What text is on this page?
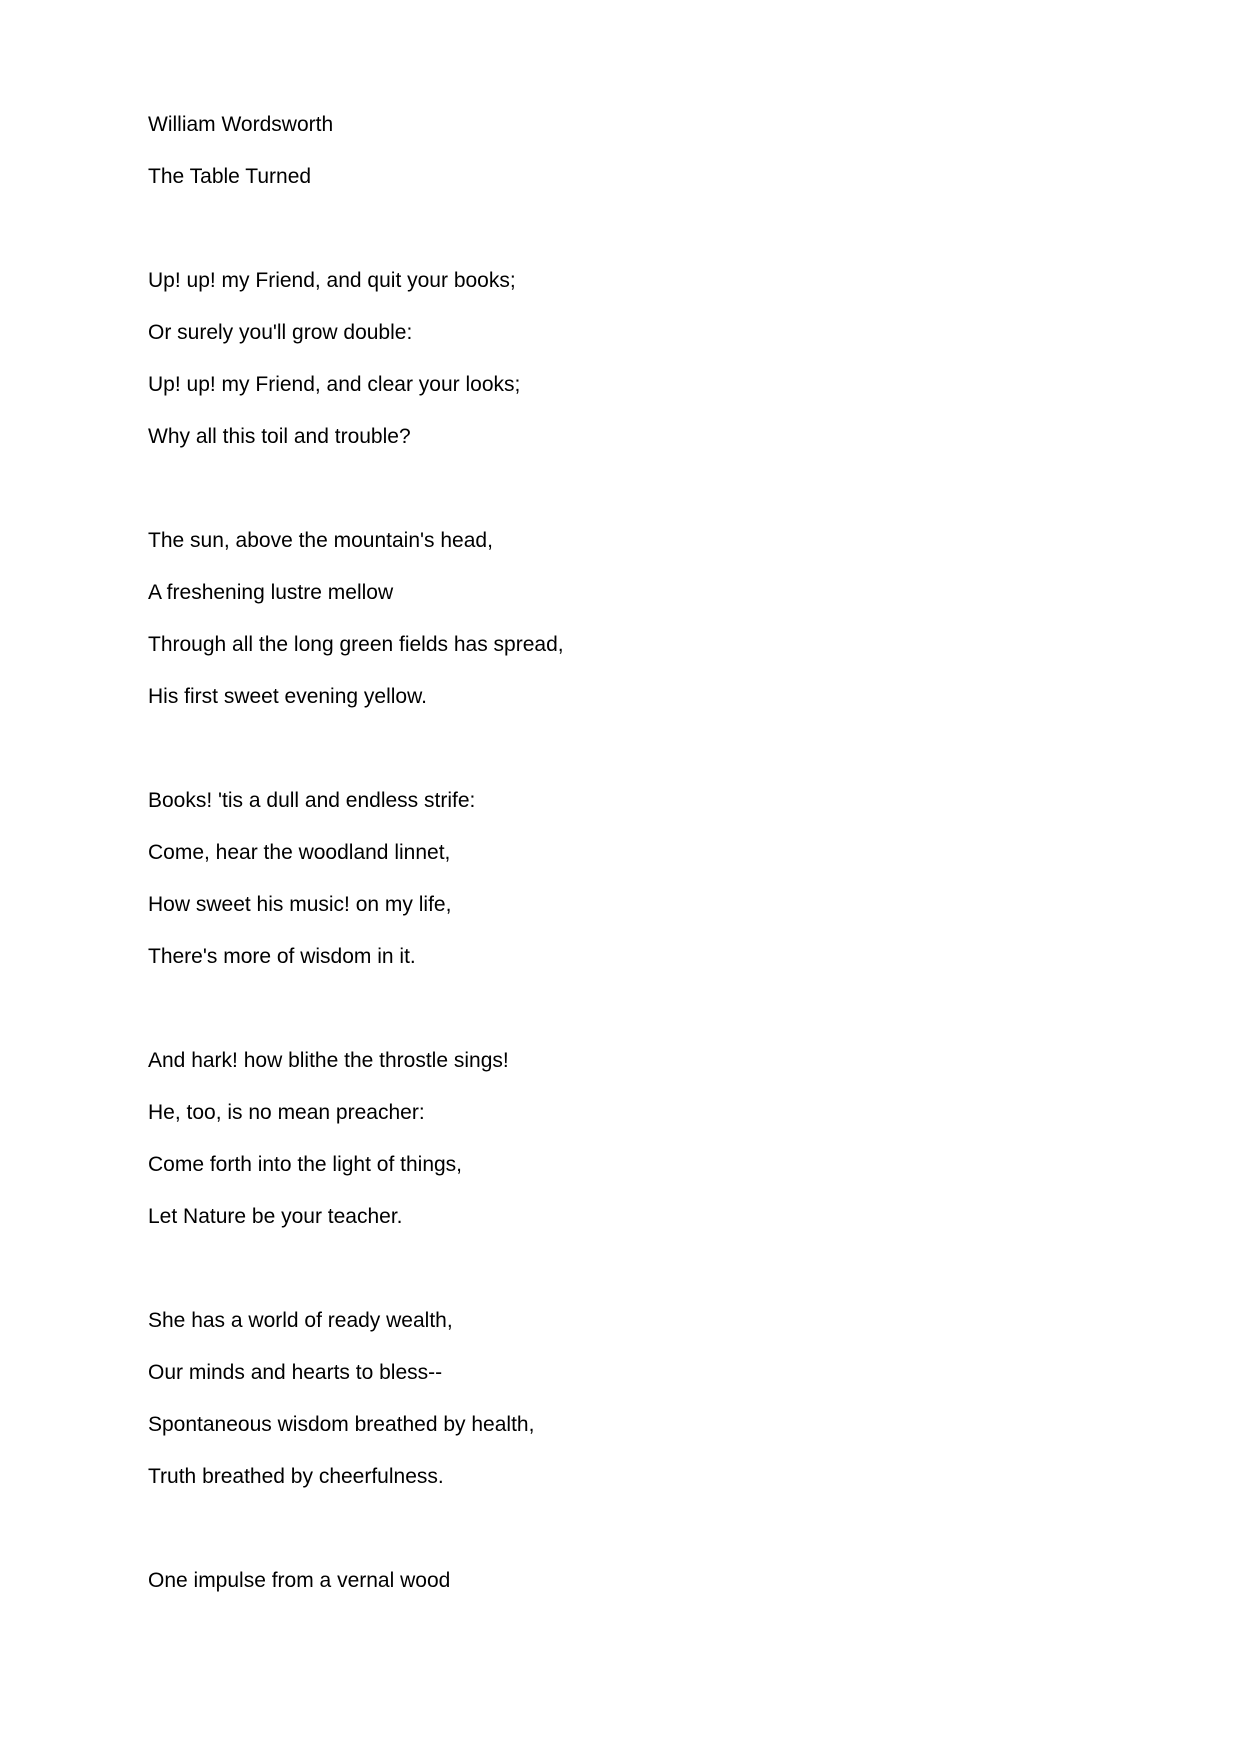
William Wordsworth
The Table Turned
Up! up! my Friend, and quit your books;
Or surely you'll grow double:
Up! up! my Friend, and clear your looks;
Why all this toil and trouble?
The sun, above the mountain's head,
A freshening lustre mellow
Through all the long green fields has spread,
His first sweet evening yellow.
Books! 'tis a dull and endless strife:
Come, hear the woodland linnet,
How sweet his music! on my life,
There's more of wisdom in it.
And hark! how blithe the throstle sings!
He, too, is no mean preacher:
Come forth into the light of things,
Let Nature be your teacher.
She has a world of ready wealth,
Our minds and hearts to bless--
Spontaneous wisdom breathed by health,
Truth breathed by cheerfulness.
One impulse from a vernal wood
